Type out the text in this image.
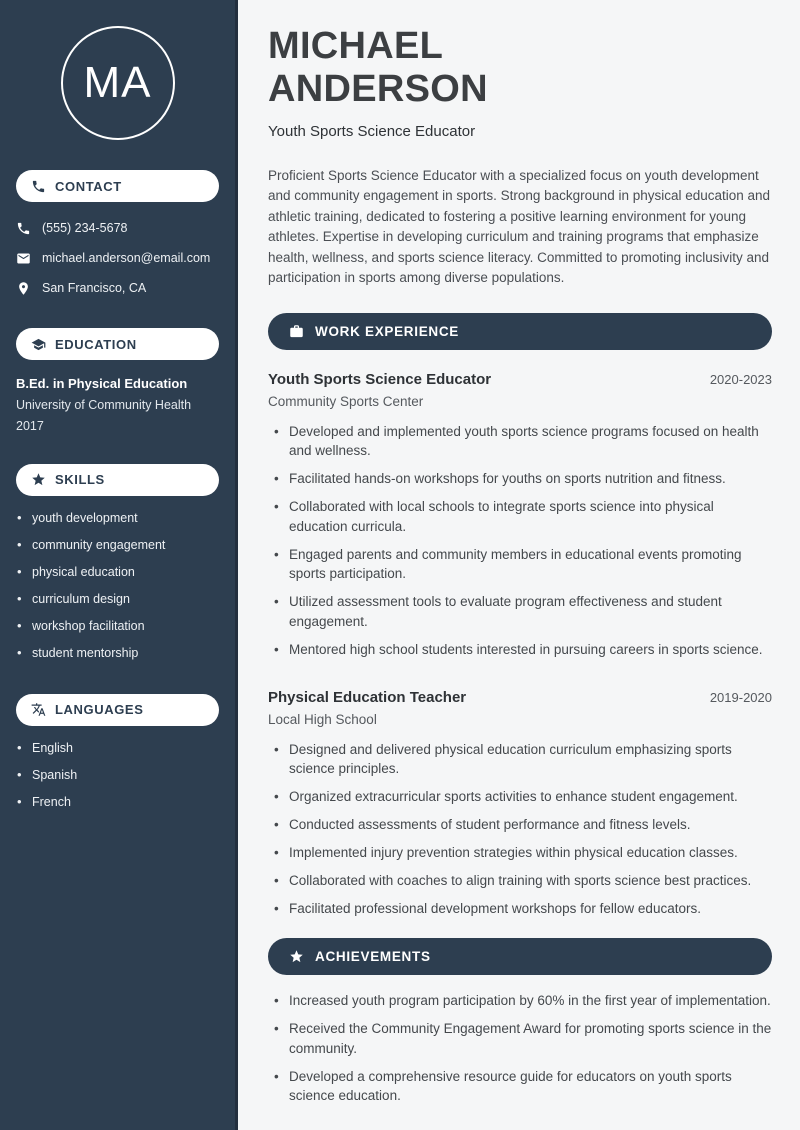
MA
CONTACT
(555) 234-5678
michael.anderson@email.com
San Francisco, CA
EDUCATION
B.Ed. in Physical Education
University of Community Health
2017
SKILLS
• youth development
• community engagement
• physical education
• curriculum design
• workshop facilitation
• student mentorship
LANGUAGES
• English
• Spanish
• French
MICHAEL
ANDERSON
Youth Sports Science Educator

Proficient Sports Science Educator with a specialized focus on youth development and community engagement in sports. Strong background in physical education and athletic training, dedicated to fostering a positive learning environment for young athletes. Expertise in developing curriculum and training programs that emphasize health, wellness, and sports science literacy. Committed to promoting inclusivity and participation in sports among diverse populations.

WORK EXPERIENCE
Youth Sports Science Educator	2020-2023
Community Sports Center
• Developed and implemented youth sports science programs focused on health and wellness.
• Facilitated hands-on workshops for youths on sports nutrition and fitness.
• Collaborated with local schools to integrate sports science into physical education curricula.
• Engaged parents and community members in educational events promoting sports participation.
• Utilized assessment tools to evaluate program effectiveness and student engagement.
• Mentored high school students interested in pursuing careers in sports science.
Physical Education Teacher	2019-2020
Local High School
• Designed and delivered physical education curriculum emphasizing sports science principles.
• Organized extracurricular sports activities to enhance student engagement.
• Conducted assessments of student performance and fitness levels.
• Implemented injury prevention strategies within physical education classes.
• Collaborated with coaches to align training with sports science best practices.
• Facilitated professional development workshops for fellow educators.
ACHIEVEMENTS
• Increased youth program participation by 60% in the first year of implementation.
• Received the Community Engagement Award for promoting sports science in the community.
• Developed a comprehensive resource guide for educators on youth sports science education.
